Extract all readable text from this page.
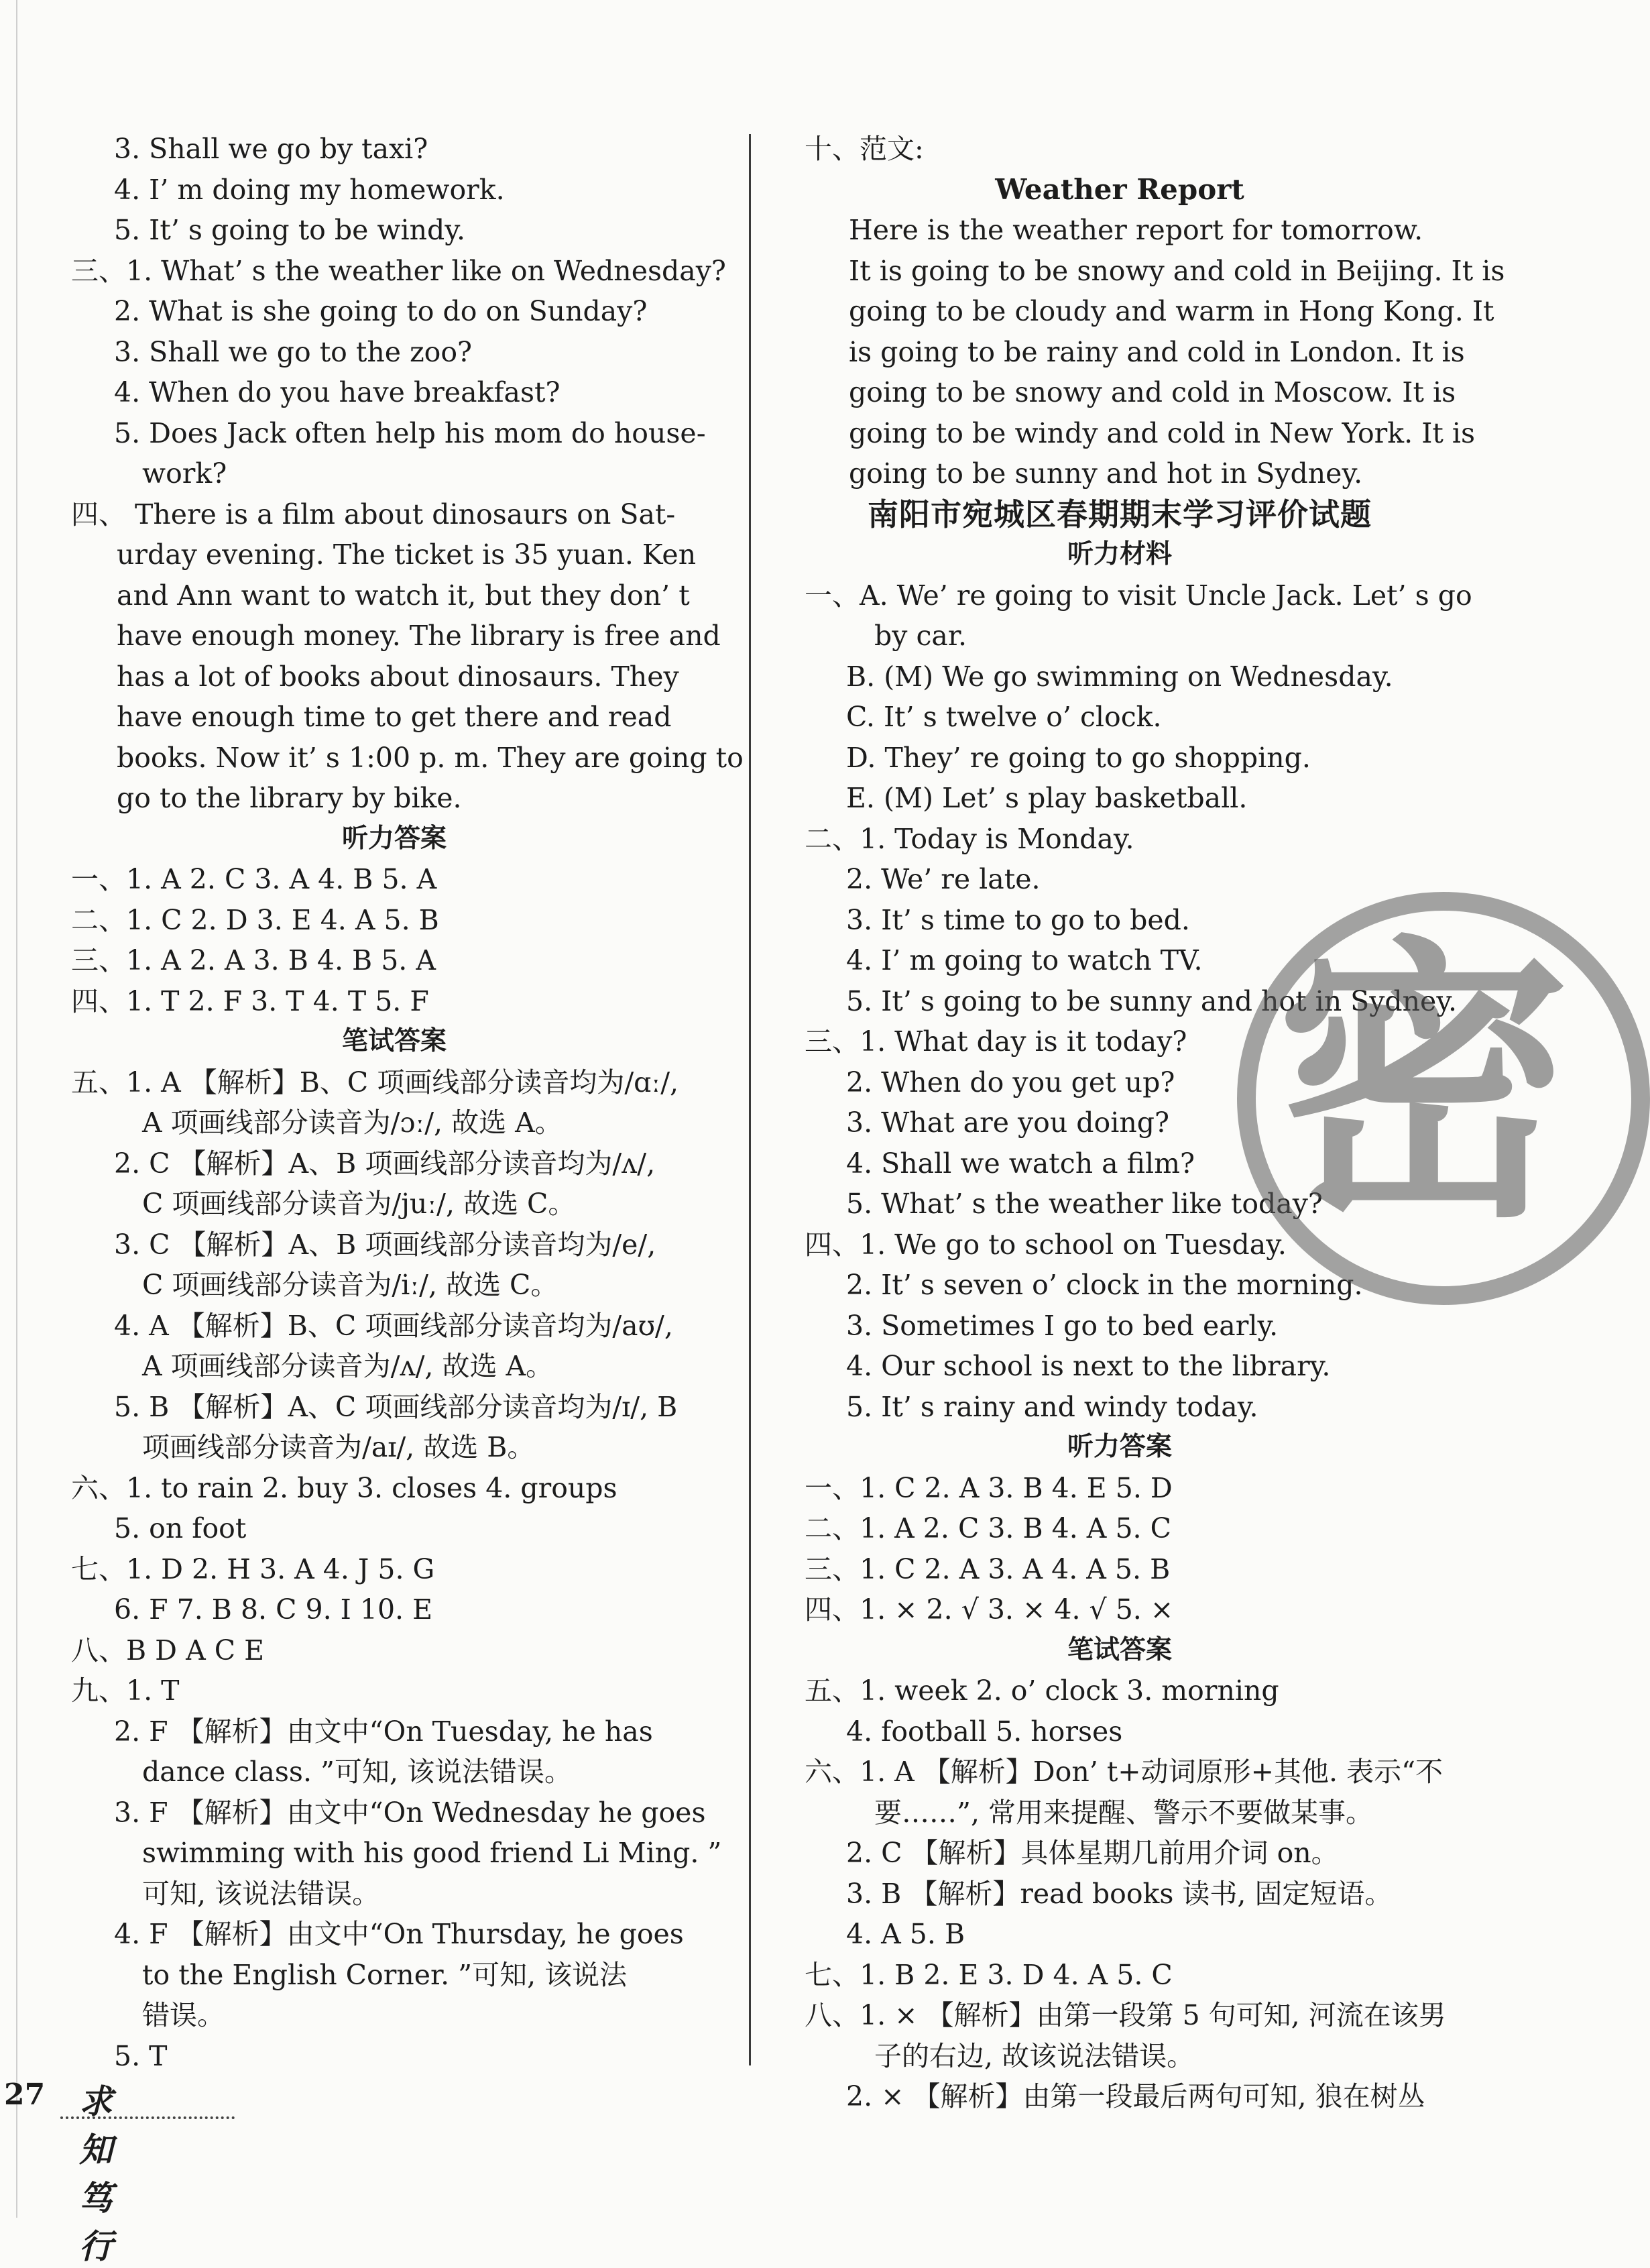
3. Shall we go by taxi?
4. I’ m doing my homework.
5. It’ s going to be windy.
三、1. What’ s the weather like on Wednesday?
2. What is she going to do on Sunday?
3. Shall we go to the zoo?
4. When do you have breakfast?
5. Does Jack often help his mom do house-
work?
四、 There is a film about dinosaurs on Sat-
urday evening. The ticket is 35 yuan. Ken
and Ann want to watch it, but they don’ t
have enough money. The library is free and
has a lot of books about dinosaurs. They
have enough time to get there and read
books. Now it’ s 1:00 p. m. They are going to
go to the library by bike.
听力答案
一、1. A 2. C 3. A 4. B 5. A
二、1. C 2. D 3. E 4. A 5. B
三、1. A 2. A 3. B 4. B 5. A
四、1. T 2. F 3. T 4. T 5. F
笔试答案
五、1. A 【解析】B、C 项画线部分读音均为/ɑː/,
A 项画线部分读音为/ɔː/, 故选 A。
2. C 【解析】A、B 项画线部分读音均为/ʌ/,
C 项画线部分读音为/juː/, 故选 C。
3. C 【解析】A、B 项画线部分读音均为/e/,
C 项画线部分读音为/iː/, 故选 C。
4. A 【解析】B、C 项画线部分读音均为/aʊ/,
A 项画线部分读音为/ʌ/, 故选 A。
5. B 【解析】A、C 项画线部分读音均为/ɪ/, B
项画线部分读音为/aɪ/, 故选 B。
六、1. to rain 2. buy 3. closes 4. groups
5. on foot
七、1. D 2. H 3. A 4. J 5. G
6. F 7. B 8. C 9. I 10. E
八、B D A C E
九、1. T
2. F 【解析】由文中“On Tuesday, he has
dance class. ”可知, 该说法错误。
3. F 【解析】由文中“On Wednesday he goes
swimming with his good friend Li Ming. ”
可知, 该说法错误。
4. F 【解析】由文中“On Thursday, he goes
to the English Corner. ”可知, 该说法
错误。
5. T
十、范文:
Weather Report
Here is the weather report for tomorrow.
It is going to be snowy and cold in Beijing. It is
going to be cloudy and warm in Hong Kong. It
is going to be rainy and cold in London. It is
going to be snowy and cold in Moscow. It is
going to be windy and cold in New York. It is
going to be sunny and hot in Sydney.
南阳市宛城区春期期末学习评价试题
听力材料
一、A. We’ re going to visit Uncle Jack. Let’ s go
by car.
B. (M) We go swimming on Wednesday.
C. It’ s twelve o’ clock.
D. They’ re going to go shopping.
E. (M) Let’ s play basketball.
二、1. Today is Monday.
2. We’ re late.
3. It’ s time to go to bed.
4. I’ m going to watch TV.
5. It’ s going to be sunny and hot in Sydney.
三、1. What day is it today?
2. When do you get up?
3. What are you doing?
4. Shall we watch a film?
5. What’ s the weather like today?
四、1. We go to school on Tuesday.
2. It’ s seven o’ clock in the morning.
3. Sometimes I go to bed early.
4. Our school is next to the library.
5. It’ s rainy and windy today.
听力答案
一、1. C 2. A 3. B 4. E 5. D
二、1. A 2. C 3. B 4. A 5. C
三、1. C 2. A 3. A 4. A 5. B
四、1. × 2. √ 3. × 4. √ 5. ×
笔试答案
五、1. week 2. o’ clock 3. morning
4. football 5. horses
六、1. A 【解析】Don’ t+动词原形+其他. 表示“不
要……”, 常用来提醒、警示不要做某事。
2. C 【解析】具体星期几前用介词 on。
3. B 【解析】read books 读书, 固定短语。
4. A 5. B
七、1. B 2. E 3. D 4. A 5. C
八、1. × 【解析】由第一段第 5 句可知, 河流在该男
子的右边, 故该说法错误。
2. × 【解析】由第一段最后两句可知, 狼在树丛
密
27 求知笃行
